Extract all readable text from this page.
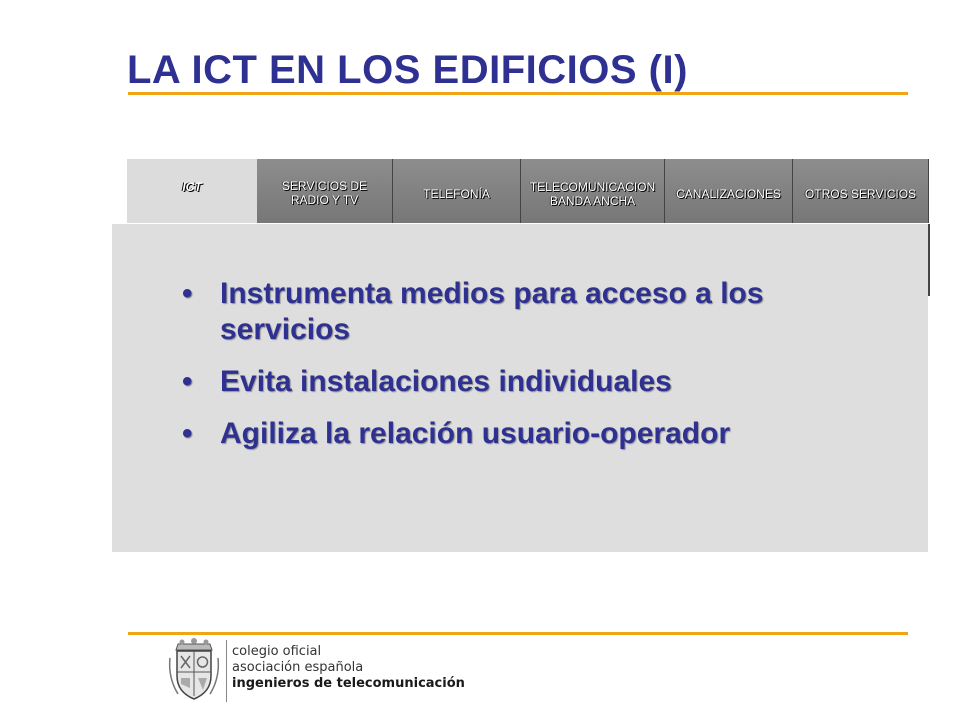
LA ICT EN LOS EDIFICIOS (I)
ICT	SERVICIOS DE
RADIO Y TV	TELEFONÍA	TELECOMUNICACION
BANDA ANCHA	CANALIZACIONES OTROS SERVICIOS
• Instrumenta medios para acceso a los servicios
• Evita instalaciones individuales
• Agiliza la relación usuario-operador
colegio oficial
asociación española
ingenieros de telecomunicación
